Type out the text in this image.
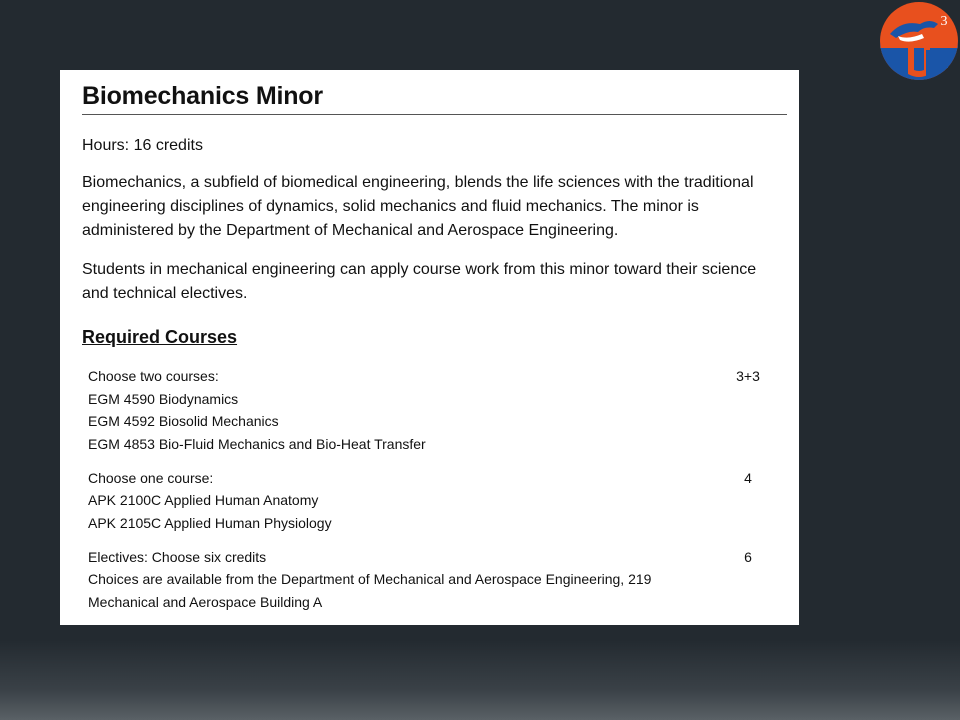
3
Biomechanics Minor
Hours: 16 credits
Biomechanics, a subfield of biomedical engineering, blends the life sciences with the traditional engineering disciplines of dynamics, solid mechanics and fluid mechanics. The minor is administered by the Department of Mechanical and Aerospace Engineering.
Students in mechanical engineering can apply course work from this minor toward their science and technical electives.
Required Courses
Choose two courses:	3+3
EGM 4590 Biodynamics
EGM 4592 Biosolid Mechanics
EGM 4853 Bio-Fluid Mechanics and Bio-Heat Transfer
Choose one course:	4
APK 2100C Applied Human Anatomy
APK 2105C Applied Human Physiology
Electives: Choose six credits	6
Choices are available from the Department of Mechanical and Aerospace Engineering, 219
Mechanical and Aerospace Building A
